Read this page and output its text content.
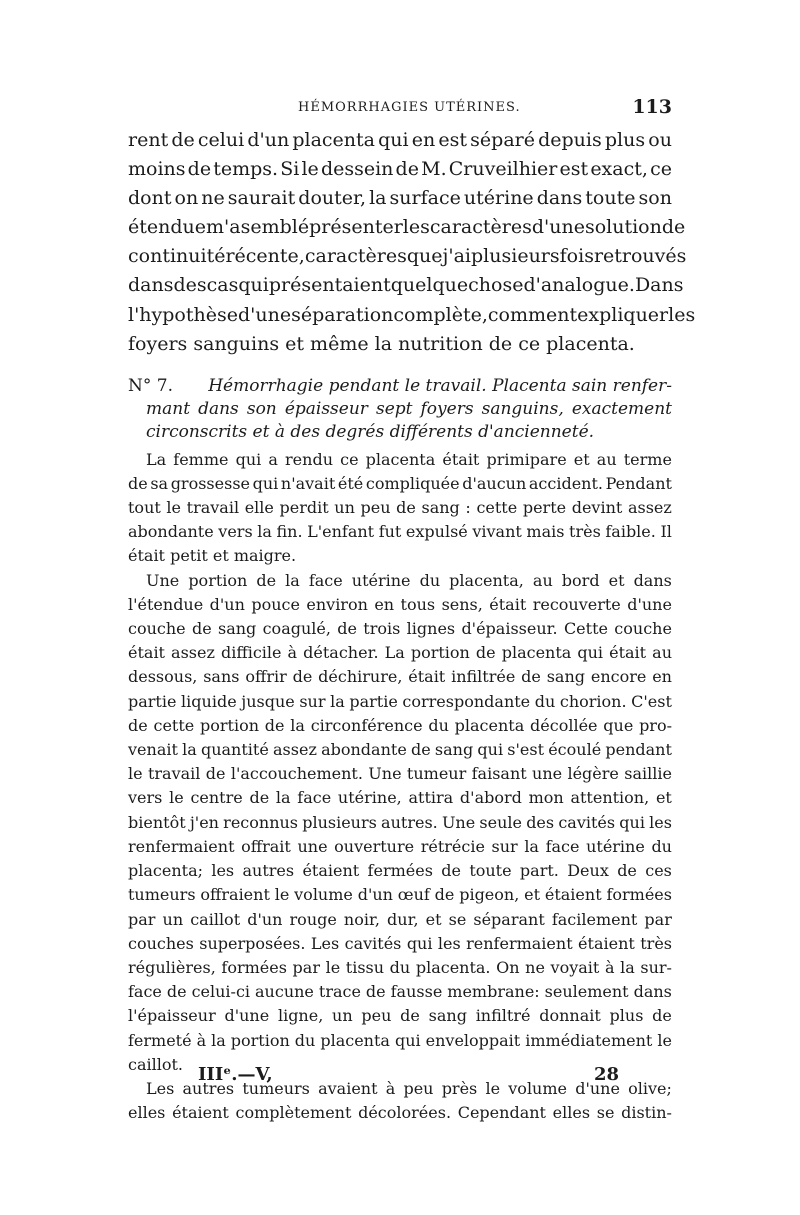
HÉMORRHAGIES UTÉRINES.	113
rent de celui d'un placenta qui en est séparé depuis plus ou
moins de temps. Si le dessein de M. Cruveilhier est exact, ce
dont on ne saurait douter, la surface utérine dans toute son
étendue m'a semblé présenter les caractères d'une solution de
continuité récente, caractères que j'ai plusieurs fois retrouvés
dans des cas qui présentaient quelque chose d'analogue. Dans
l'hypothèse d'une séparation complète, comment expliquer les
foyers sanguins et même la nutrition de ce placenta.
N° 7. Hémorrhagie pendant le travail. Placenta sain renfer-
mant dans son épaisseur sept foyers sanguins, exactement
circonscrits et à des degrés différents d'ancienneté.
La femme qui a rendu ce placenta était primipare et au terme
de sa grossesse qui n'avait été compliquée d'aucun accident. Pendant
tout le travail elle perdit un peu de sang : cette perte devint assez
abondante vers la fin. L'enfant fut expulsé vivant mais très faible. Il
était petit et maigre.
Une portion de la face utérine du placenta, au bord et dans
l'étendue d'un pouce environ en tous sens, était recouverte d'une
couche de sang coagulé, de trois lignes d'épaisseur. Cette couche
était assez difficile à détacher. La portion de placenta qui était au
dessous, sans offrir de déchirure, était infiltrée de sang encore en
partie liquide jusque sur la partie correspondante du chorion. C'est
de cette portion de la circonférence du placenta décollée que pro-
venait la quantité assez abondante de sang qui s'est écoulé pendant
le travail de l'accouchement. Une tumeur faisant une légère saillie
vers le centre de la face utérine, attira d'abord mon attention, et
bientôt j'en reconnus plusieurs autres. Une seule des cavités qui les
renfermaient offrait une ouverture rétrécie sur la face utérine du
placenta; les autres étaient fermées de toute part. Deux de ces
tumeurs offraient le volume d'un œuf de pigeon, et étaient formées
par un caillot d'un rouge noir, dur, et se séparant facilement par
couches superposées. Les cavités qui les renfermaient étaient très
régulières, formées par le tissu du placenta. On ne voyait à la sur-
face de celui-ci aucune trace de fausse membrane: seulement dans
l'épaisseur d'une ligne, un peu de sang infiltré donnait plus de
fermeté à la portion du placenta qui enveloppait immédiatement le
caillot.
Les autres tumeurs avaient à peu près le volume d'une olive;
elles étaient complètement décolorées. Cependant elles se distin-
IIIᵉ.—V,	28
